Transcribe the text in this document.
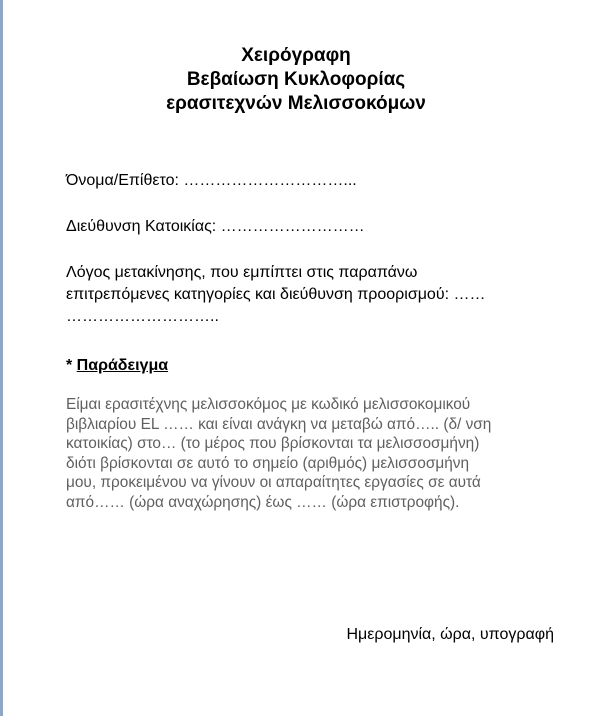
Χειρόγραφη
Βεβαίωση Κυκλοφορίας
ερασιτεχνών Μελισσοκόμων
Όνομα/Επίθετο: …………………………...
Διεύθυνση Κατοικίας: ………………………
Λόγος μετακίνησης, που εμπίπτει στις παραπάνω
επιτρεπόμενες κατηγορίες και διεύθυνση προορισμού: ……
………………………..
* Παράδειγμα
Είμαι ερασιτέχνης μελισσοκόμος με κωδικό μελισσοκομικού
βιβλιαρίου EL …… και είναι ανάγκη να μεταβώ από….. (δ/ νση
κατοικίας) στο… (το μέρος που βρίσκονται τα μελισσοσμήνη)
διότι βρίσκονται σε αυτό το σημείο (αριθμός) μελισσοσμήνη
μου, προκειμένου να γίνουν οι απαραίτητες εργασίες σε αυτά
από…… (ώρα αναχώρησης) έως …… (ώρα επιστροφής).
Ημερομηνία, ώρα, υπογραφή
